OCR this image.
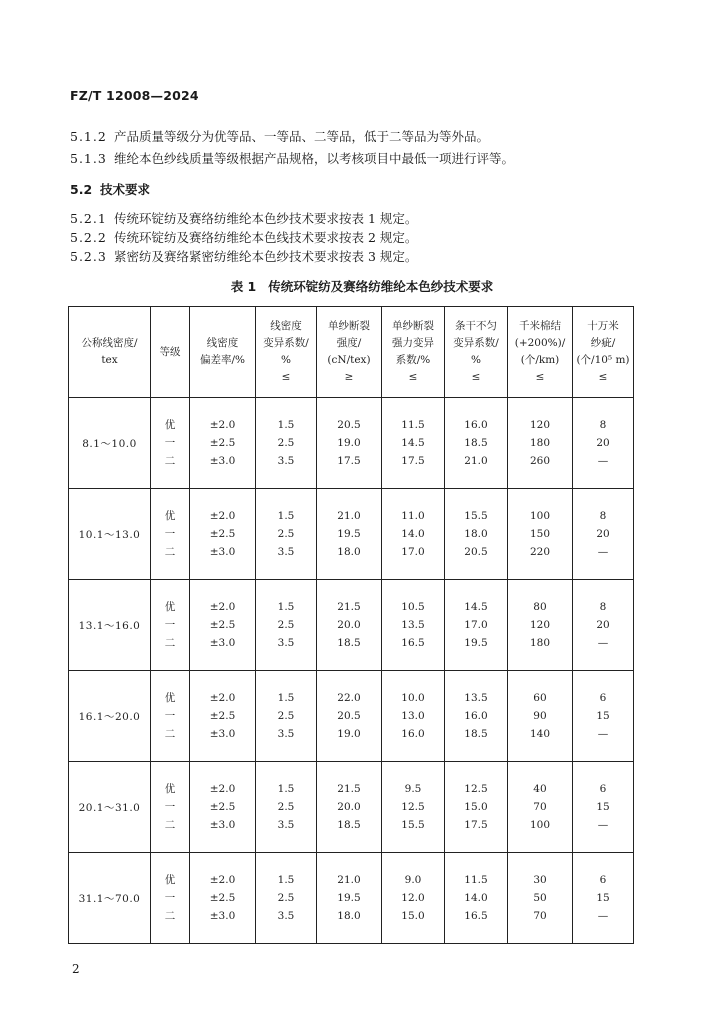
FZ/T 12008—2024
5.1.2 产品质量等级分为优等品、一等品、二等品，低于二等品为等外品。
5.1.3 维纶本色纱线质量等级根据产品规格，以考核项目中最低一项进行评等。
5.2 技术要求
5.2.1 传统环锭纺及赛络纺维纶本色纱技术要求按表 1 规定。
5.2.2 传统环锭纺及赛络纺维纶本色线技术要求按表 2 规定。
5.2.3 紧密纺及赛络紧密纺维纶本色纱技术要求按表 3 规定。
表 1 传统环锭纺及赛络纺维纶本色纱技术要求
公称线密度/
tex	等级	线密度
偏差率/%	线密度
变异系数/
%
≤	单纱断裂
强度/
(cN/tex)
≥	单纱断裂
强力变异
系数/%
≤	条干不匀
变异系数/
%
≤	千米棉结
(+200%)/
(个/km)
≤	十万米
纱疵/
(个/10⁵ m)
≤

8.1～10.0	优
一
二	±2.0
±2.5
±3.0	1.5
2.5
3.5	20.5
19.0
17.5	11.5
14.5
17.5	16.0
18.5
21.0	120
180
260	8
20
—

10.1～13.0	优
一
二	±2.0
±2.5
±3.0	1.5
2.5
3.5	21.0
19.5
18.0	11.0
14.0
17.0	15.5
18.0
20.5	100
150
220	8
20
—

13.1～16.0	优
一
二	±2.0
±2.5
±3.0	1.5
2.5
3.5	21.5
20.0
18.5	10.5
13.5
16.5	14.5
17.0
19.5	80
120
180	8
20
—

16.1～20.0	优
一
二	±2.0
±2.5
±3.0	1.5
2.5
3.5	22.0
20.5
19.0	10.0
13.0
16.0	13.5
16.0
18.5	60
90
140	6
15
—

20.1～31.0	优
一
二	±2.0
±2.5
±3.0	1.5
2.5
3.5	21.5
20.0
18.5	9.5
12.5
15.5	12.5
15.0
17.5	40
70
100	6
15
—

31.1～70.0	优
一
二	±2.0
±2.5
±3.0	1.5
2.5
3.5	21.0
19.5
18.0	9.0
12.0
15.0	11.5
14.0
16.5	30
50
70	6
15
—
2
